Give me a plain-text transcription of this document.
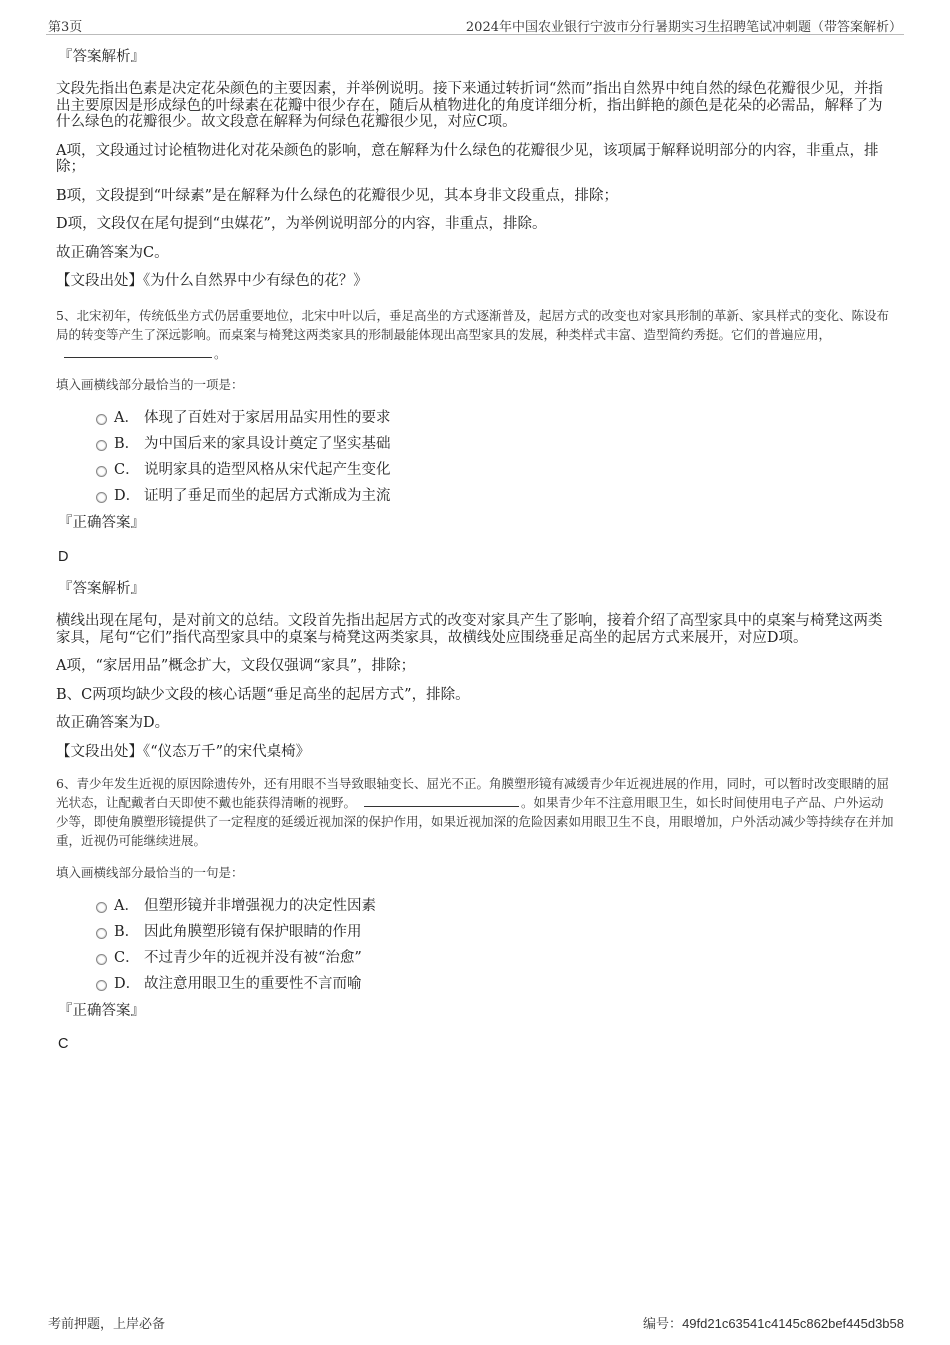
第3页	2024年中国农业银行宁波市分行暑期实习生招聘笔试冲刺题（带答案解析）

『答案解析』

文段先指出色素是决定花朵颜色的主要因素，并举例说明。接下来通过转折词“然而”指出自然界中纯自然的绿色花瓣很少见，并指出主要原因是形成绿色的叶绿素在花瓣中很少存在，随后从植物进化的角度详细分析，指出鲜艳的颜色是花朵的必需品，解释了为什么绿色的花瓣很少。故文段意在解释为何绿色花瓣很少见，对应C项。

A项，文段通过讨论植物进化对花朵颜色的影响，意在解释为什么绿色的花瓣很少见，该项属于解释说明部分的内容，非重点，排除；

B项，文段提到“叶绿素”是在解释为什么绿色的花瓣很少见，其本身非文段重点，排除；

D项，文段仅在尾句提到“虫媒花”，为举例说明部分的内容，非重点，排除。

故正确答案为C。

【文段出处】《为什么自然界中少有绿色的花？》

5、北宋初年，传统低坐方式仍居重要地位，北宋中叶以后，垂足高坐的方式逐渐普及，起居方式的改变也对家具形制的革新、家具样式的变化、陈设布局的转变等产生了深远影响。而桌案与椅凳这两类家具的形制最能体现出高型家具的发展，种类样式丰富、造型简约秀挺。它们的普遍应用，。

填入画横线部分最恰当的一项是：

A． 体现了百姓对于家居用品实用性的要求
B． 为中国后来的家具设计奠定了坚实基础
C． 说明家具的造型风格从宋代起产生变化
D． 证明了垂足而坐的起居方式渐成为主流

『正确答案』

D

『答案解析』

横线出现在尾句，是对前文的总结。文段首先指出起居方式的改变对家具产生了影响，接着介绍了高型家具中的桌案与椅凳这两类家具，尾句“它们”指代高型家具中的桌案与椅凳这两类家具，故横线处应围绕垂足高坐的起居方式来展开，对应D项。

A项，“家居用品”概念扩大，文段仅强调“家具”，排除；

B、C两项均缺少文段的核心话题“垂足高坐的起居方式”，排除。

故正确答案为D。

【文段出处】《“仪态万千”的宋代桌椅》

6、青少年发生近视的原因除遗传外，还有用眼不当导致眼轴变长、屈光不正。角膜塑形镜有减缓青少年近视进展的作用，同时，可以暂时改变眼睛的屈光状态，让配戴者白天即使不戴也能获得清晰的视野。	。如果青少年不注意用眼卫生，如长时间使用电子产品、户外运动少等，即使角膜塑形镜提供了一定程度的延缓近视加深的保护作用，如果近视加深的危险因素如用眼卫生不良，用眼增加，户外活动减少等持续存在并加重，近视仍可能继续进展。

填入画横线部分最恰当的一句是：

A． 但塑形镜并非增强视力的决定性因素
B． 因此角膜塑形镜有保护眼睛的作用
C． 不过青少年的近视并没有被“治愈”
D． 故注意用眼卫生的重要性不言而喻

『正确答案』

C

考前押题，上岸必备	编号：49fd21c63541c4145c862bef445d3b58
